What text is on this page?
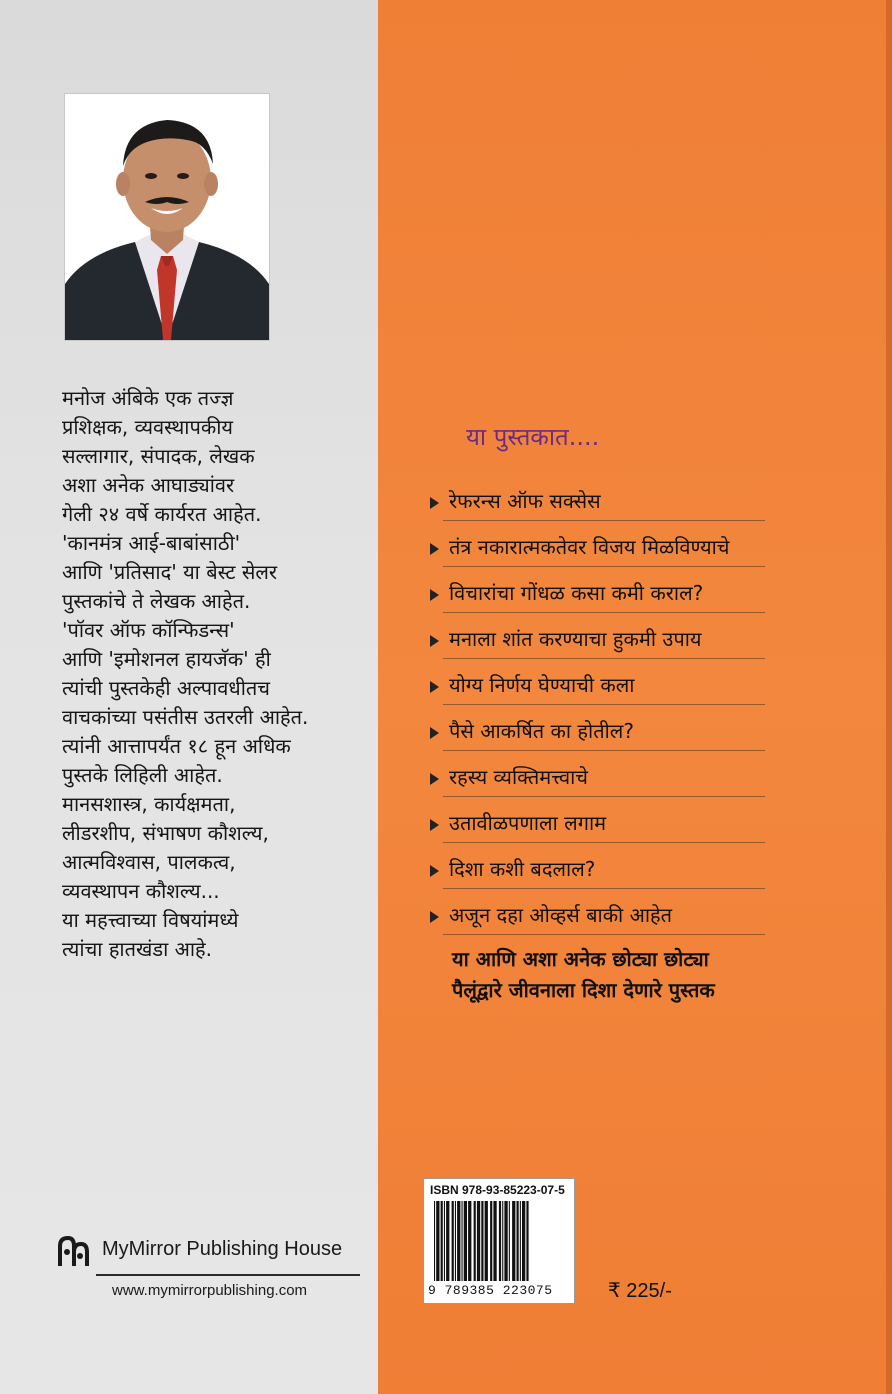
मनोज अंबिके एक तज्ज्ञ
प्रशिक्षक, व्यवस्थापकीय
सल्लागार, संपादक, लेखक
अशा अनेक आघाड्यांवर
गेली २४ वर्षे कार्यरत आहेत.
'कानमंत्र आई-बाबांसाठी'
आणि 'प्रतिसाद' या बेस्ट सेलर
पुस्तकांचे ते लेखक आहेत.
'पॉवर ऑफ कॉन्फिडन्स'
आणि 'इमोशनल हायजॅक' ही
त्यांची पुस्तकेही अल्पावधीतच
वाचकांच्या पसंतीस उतरली आहेत.
त्यांनी आत्तापर्यंत १८ हून अधिक
पुस्तके लिहिली आहेत.
मानसशास्त्र, कार्यक्षमता,
लीडरशीप, संभाषण कौशल्य,
आत्मविश्वास, पालकत्व,
व्यवस्थापन कौशल्य...
या महत्त्वाच्या विषयांमध्ये
त्यांचा हातखंडा आहे.
या पुस्तकात....
रेफरन्स ऑफ सक्सेस
तंत्र नकारात्मकतेवर विजय मिळविण्याचे
विचारांचा गोंधळ कसा कमी कराल?
मनाला शांत करण्याचा हुकमी उपाय
योग्य निर्णय घेण्याची कला
पैसे आकर्षित का होतील?
रहस्य व्यक्तिमत्त्वाचे
उतावीळपणाला लगाम
दिशा कशी बदलाल?
अजून दहा ओव्हर्स बाकी आहेत
या आणि अशा अनेक छोट्या छोट्या
पैलूंद्वारे जीवनाला दिशा देणारे पुस्तक
MyMirror Publishing House
www.mymirrorpublishing.com
ISBN 978-93-85223-07-5
9 789385 223075	₹ 225/-
